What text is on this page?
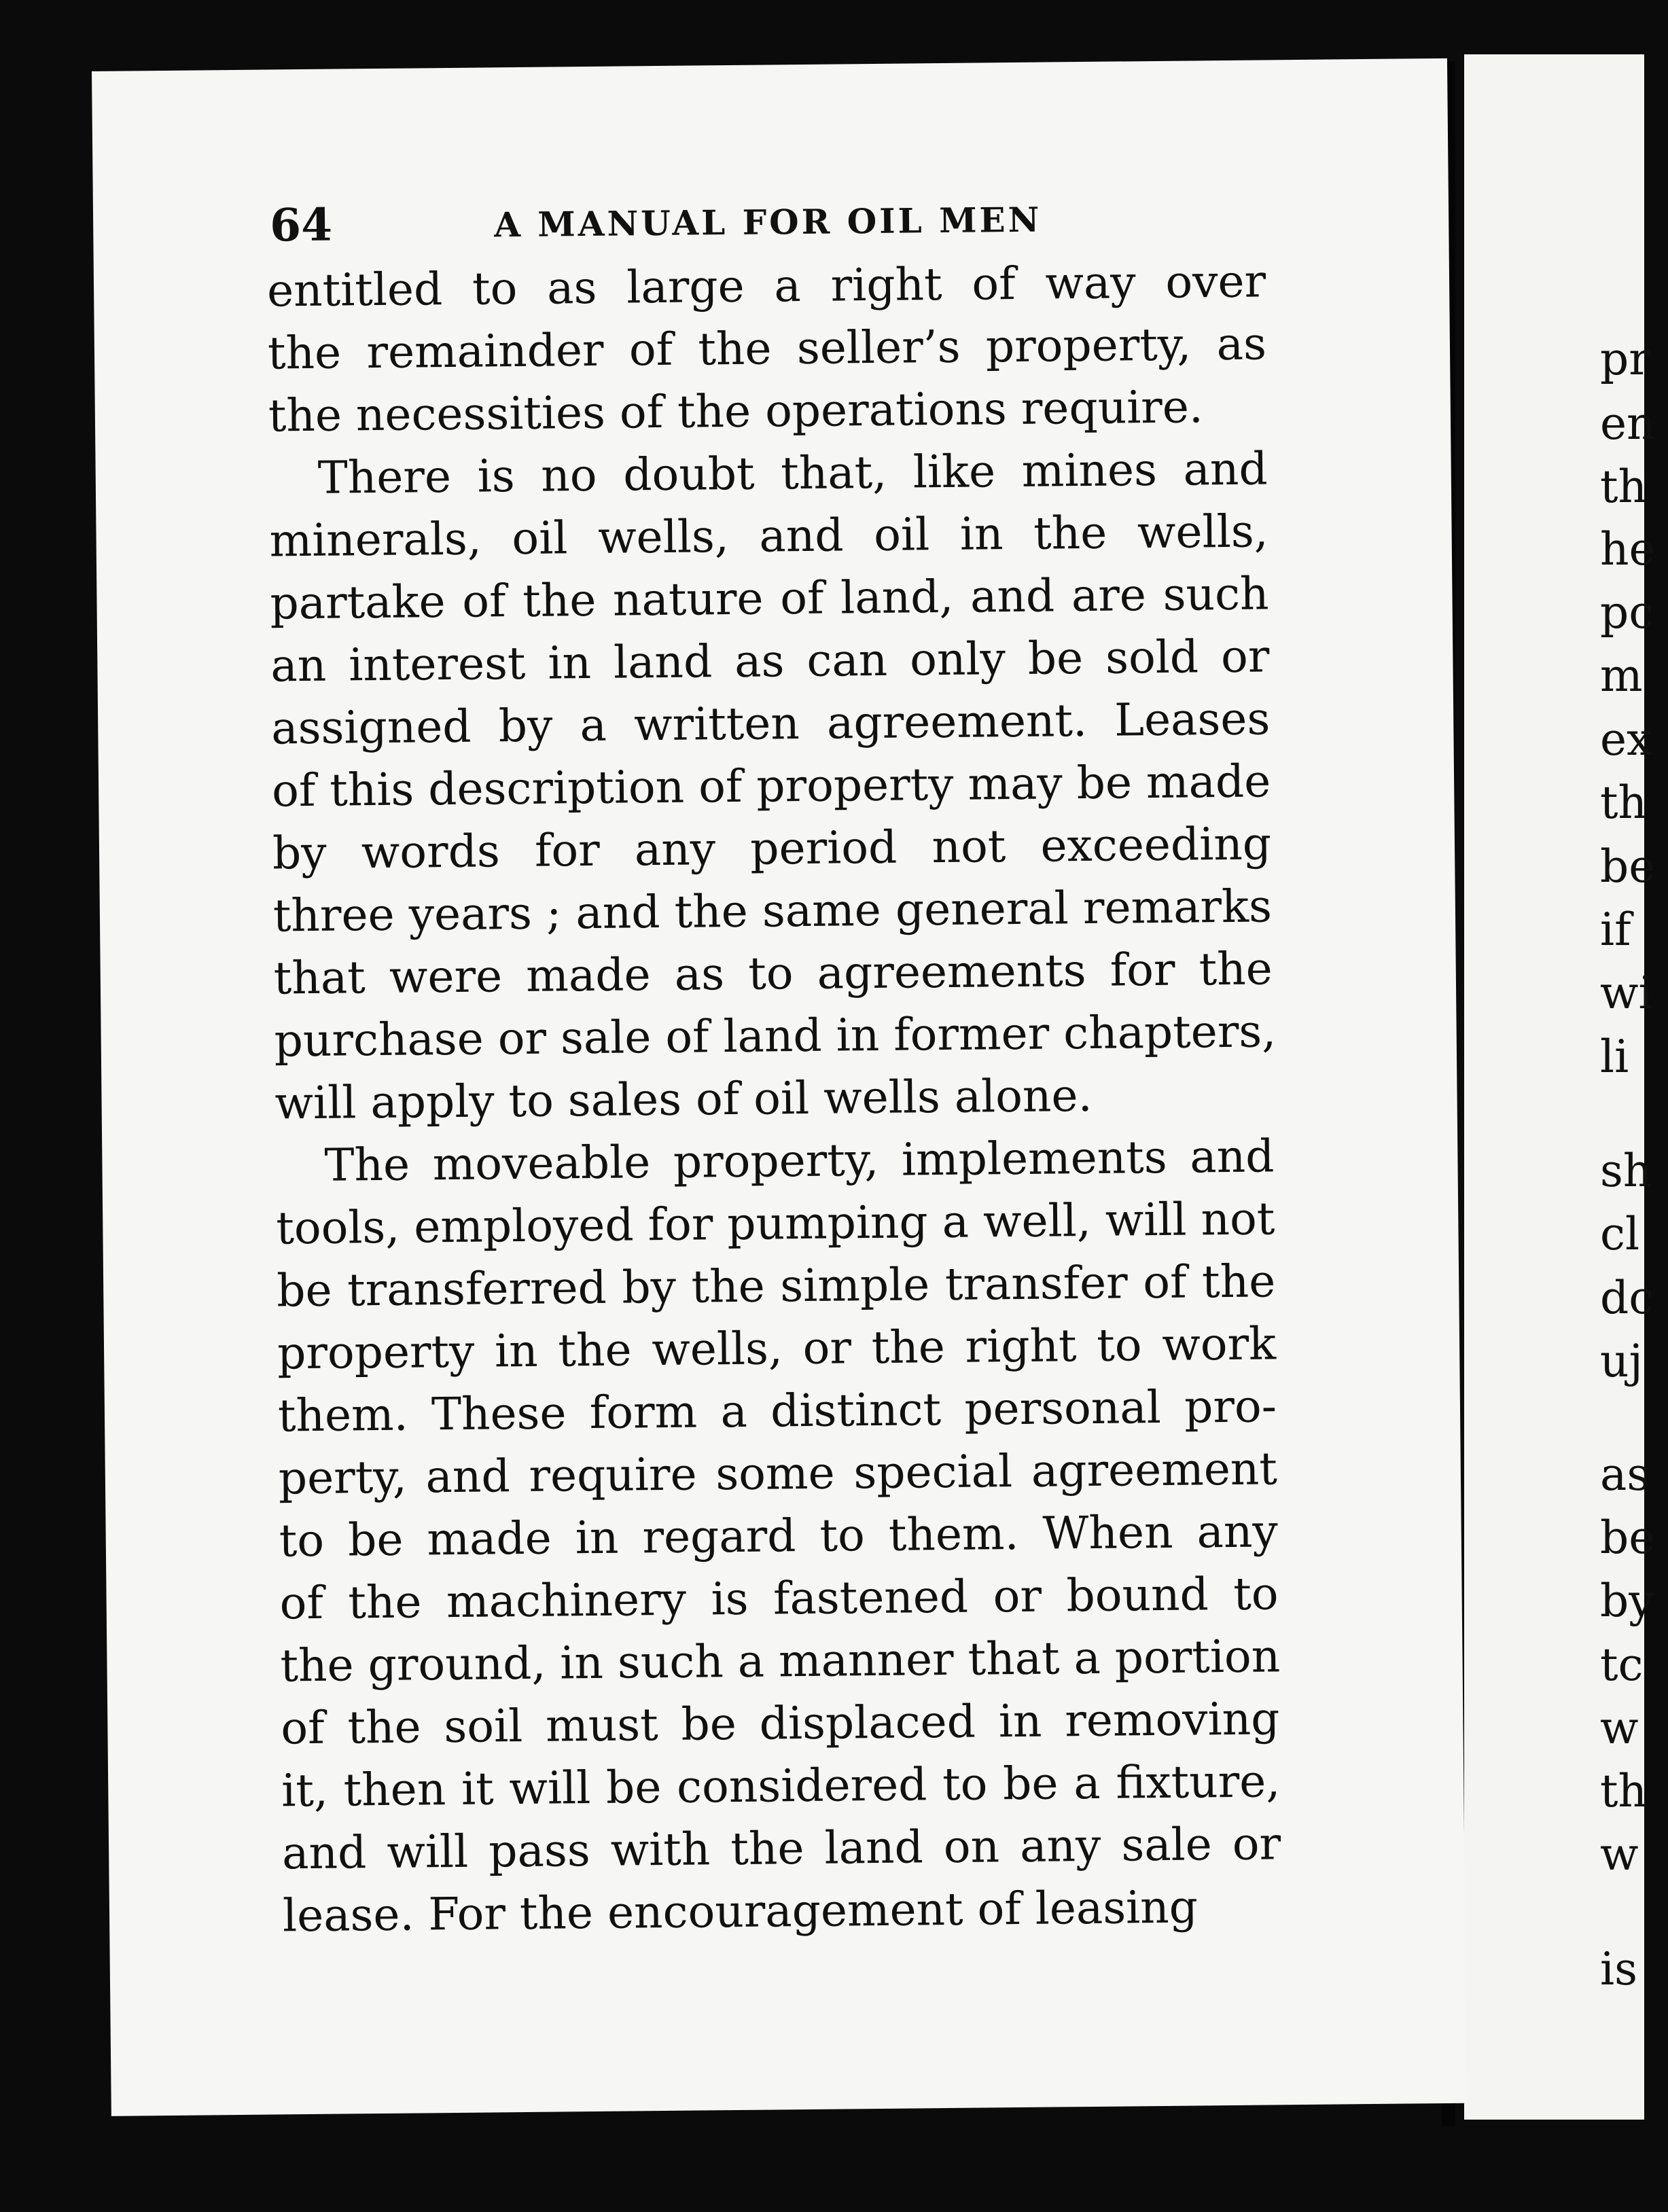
pr
en
th
he
pc
m
ex
th
be
if
wi
li
sh
cl
dc
uj
as
be
by
tc
w
th
w
is
64	A MANUAL FOR OIL MEN
entitled to as large a right of way over
the remainder of the seller’s property, as
the necessities of the operations require.
There is no doubt that, like mines and
minerals, oil wells, and oil in the wells,
partake of the nature of land, and are such
an interest in land as can only be sold or
assigned by a written agreement. Leases
of this description of property may be made
by words for any period not exceeding
three years ; and the same general remarks
that were made as to agreements for the
purchase or sale of land in former chapters,
will apply to sales of oil wells alone.
The moveable property, implements and
tools, employed for pumping a well, will not
be transferred by the simple transfer of the
property in the wells, or the right to work
them. These form a distinct personal pro-
perty, and require some special agreement
to be made in regard to them. When any
of the machinery is fastened or bound to
the ground, in such a manner that a portion
of the soil must be displaced in removing
it, then it will be considered to be a fixture,
and will pass with the land on any sale or
lease. For the encouragement of leasing
